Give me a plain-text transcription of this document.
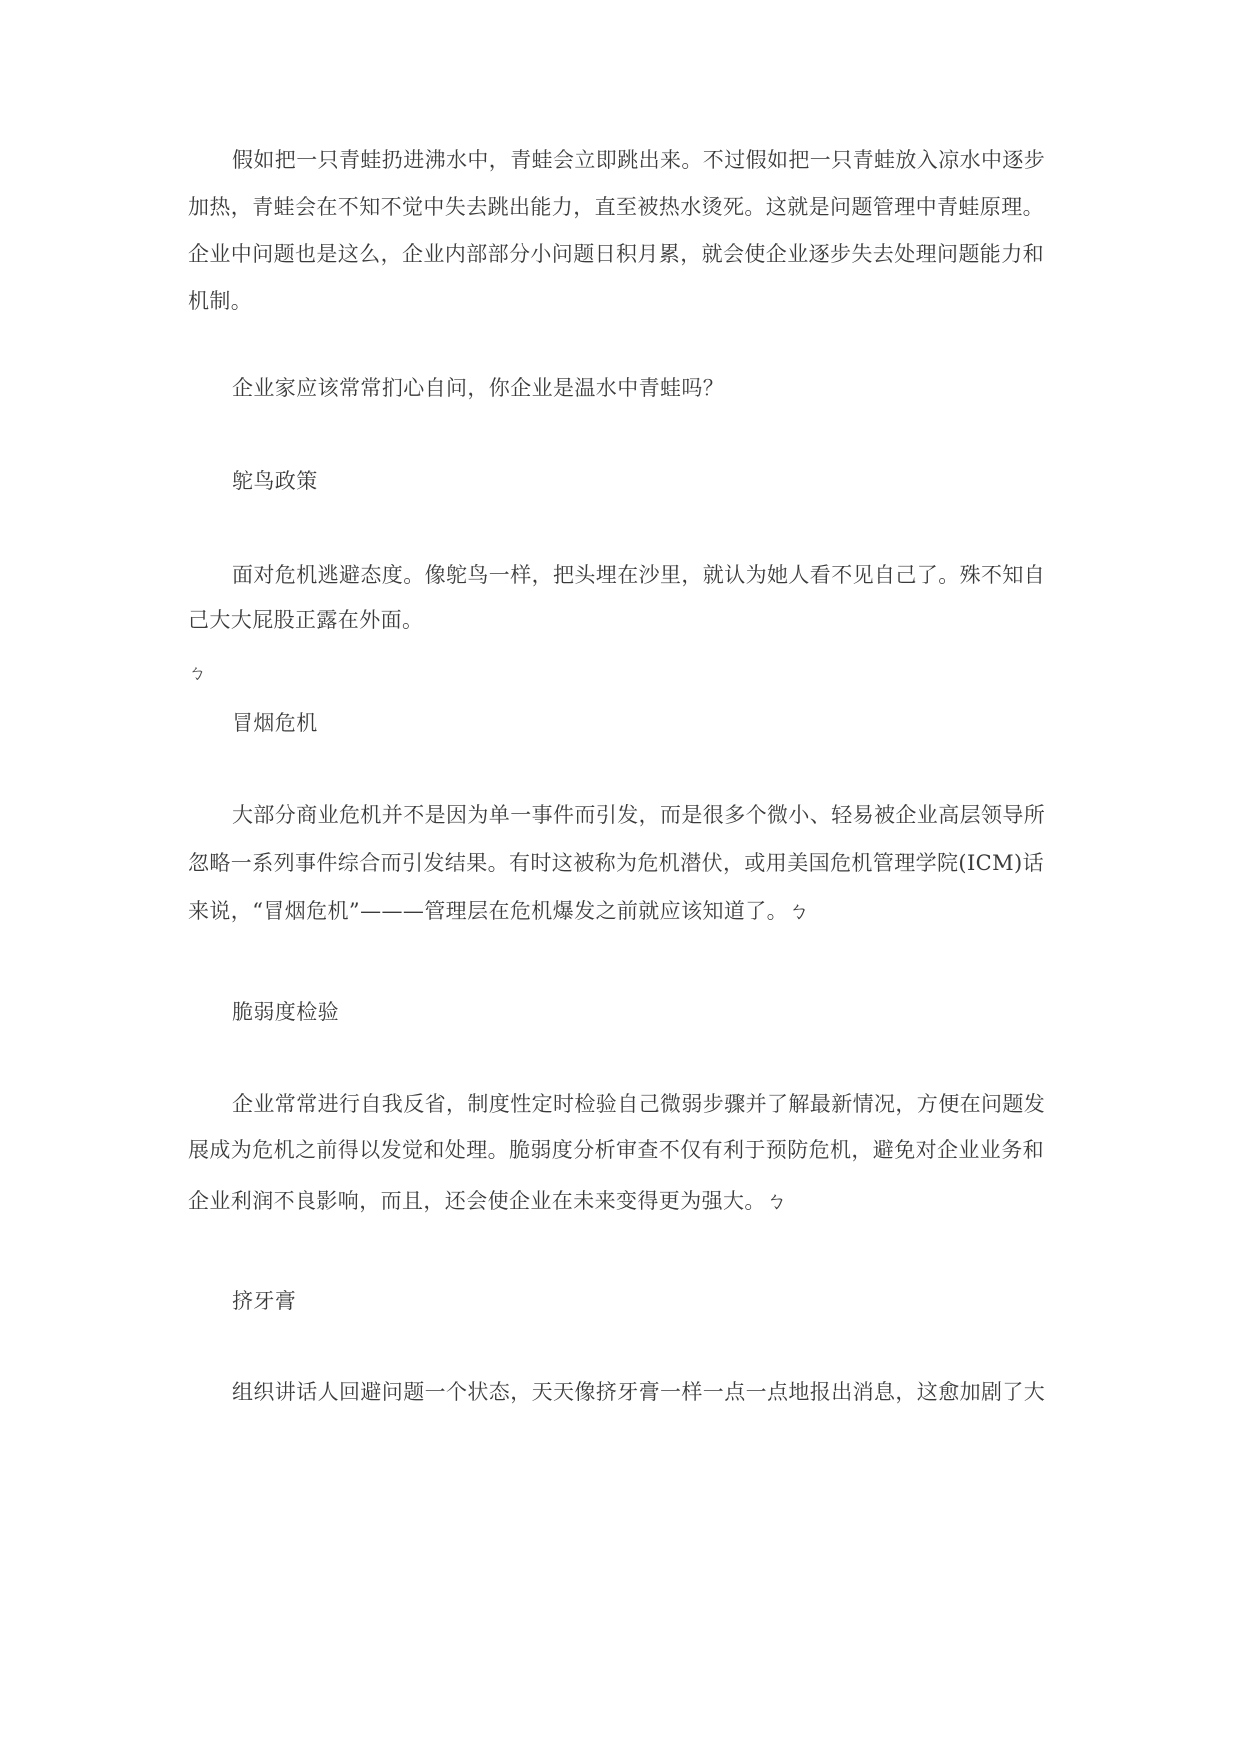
假如把一只青蛙扔进沸水中，青蛙会立即跳出来。不过假如把一只青蛙放入凉水中逐步
加热，青蛙会在不知不觉中失去跳出能力，直至被热水烫死。这就是问题管理中青蛙原理。
企业中问题也是这么，企业内部部分小问题日积月累，就会使企业逐步失去处理问题能力和
机制。
企业家应该常常扪心自问，你企业是温水中青蛙吗？
鸵鸟政策
面对危机逃避态度。像鸵鸟一样，把头埋在沙里，就认为她人看不见自己了。殊不知自
己大大屁股正露在外面。
ㄅ
冒烟危机
大部分商业危机并不是因为单一事件而引发，而是很多个微小、轻易被企业高层领导所
忽略一系列事件综合而引发结果。有时这被称为危机潜伏，或用美国危机管理学院(ICM)话
来说，“冒烟危机”———管理层在危机爆发之前就应该知道了。ㄅ
脆弱度检验
企业常常进行自我反省，制度性定时检验自己微弱步骤并了解最新情况，方便在问题发
展成为危机之前得以发觉和处理。脆弱度分析审查不仅有利于预防危机，避免对企业业务和
企业利润不良影响，而且，还会使企业在未来变得更为强大。ㄅ
挤牙膏
组织讲话人回避问题一个状态，天天像挤牙膏一样一点一点地报出消息，这愈加剧了大
